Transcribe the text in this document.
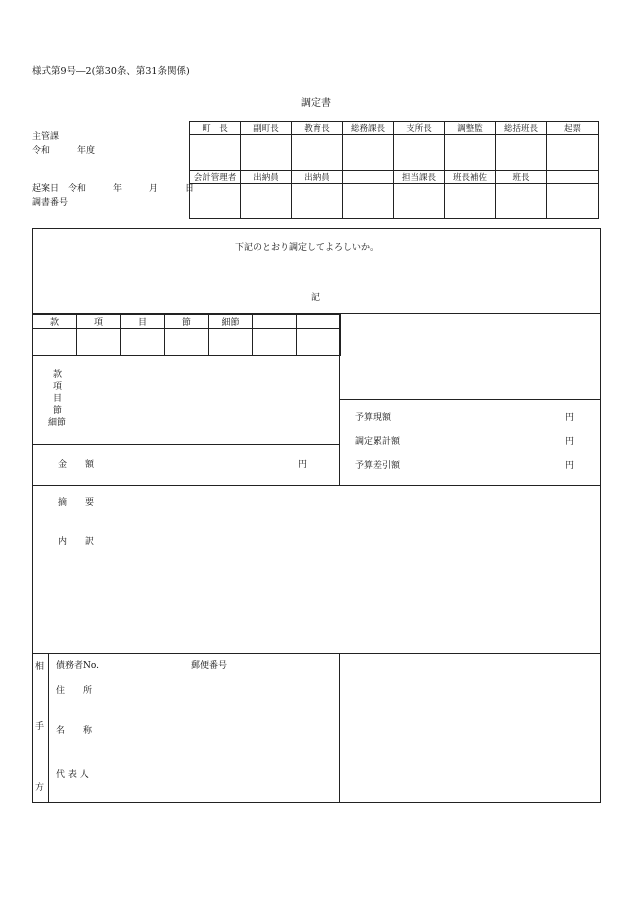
様式第9号―2(第30条、第31条関係)
調定書
主管課
令和　　　年度
起案日　令和　　　年　　　月　　　日
調書番号
町　長	副町長	教育長	総務課長	支所長	調整監	総括班長	起票

会計管理者	出納員	出納員		担当課長	班長補佐	班長	

下記のとおり調定してよろしいか。
記
款	項	目	節	細節		

款
項
目
節
細節
金　　額	円
予算現額	円
調定累計額	円
予算差引額	円
摘　　要
内　　訳
相
手
方
債務者No.	郵便番号
住　　所
名　　称
代 表 人
